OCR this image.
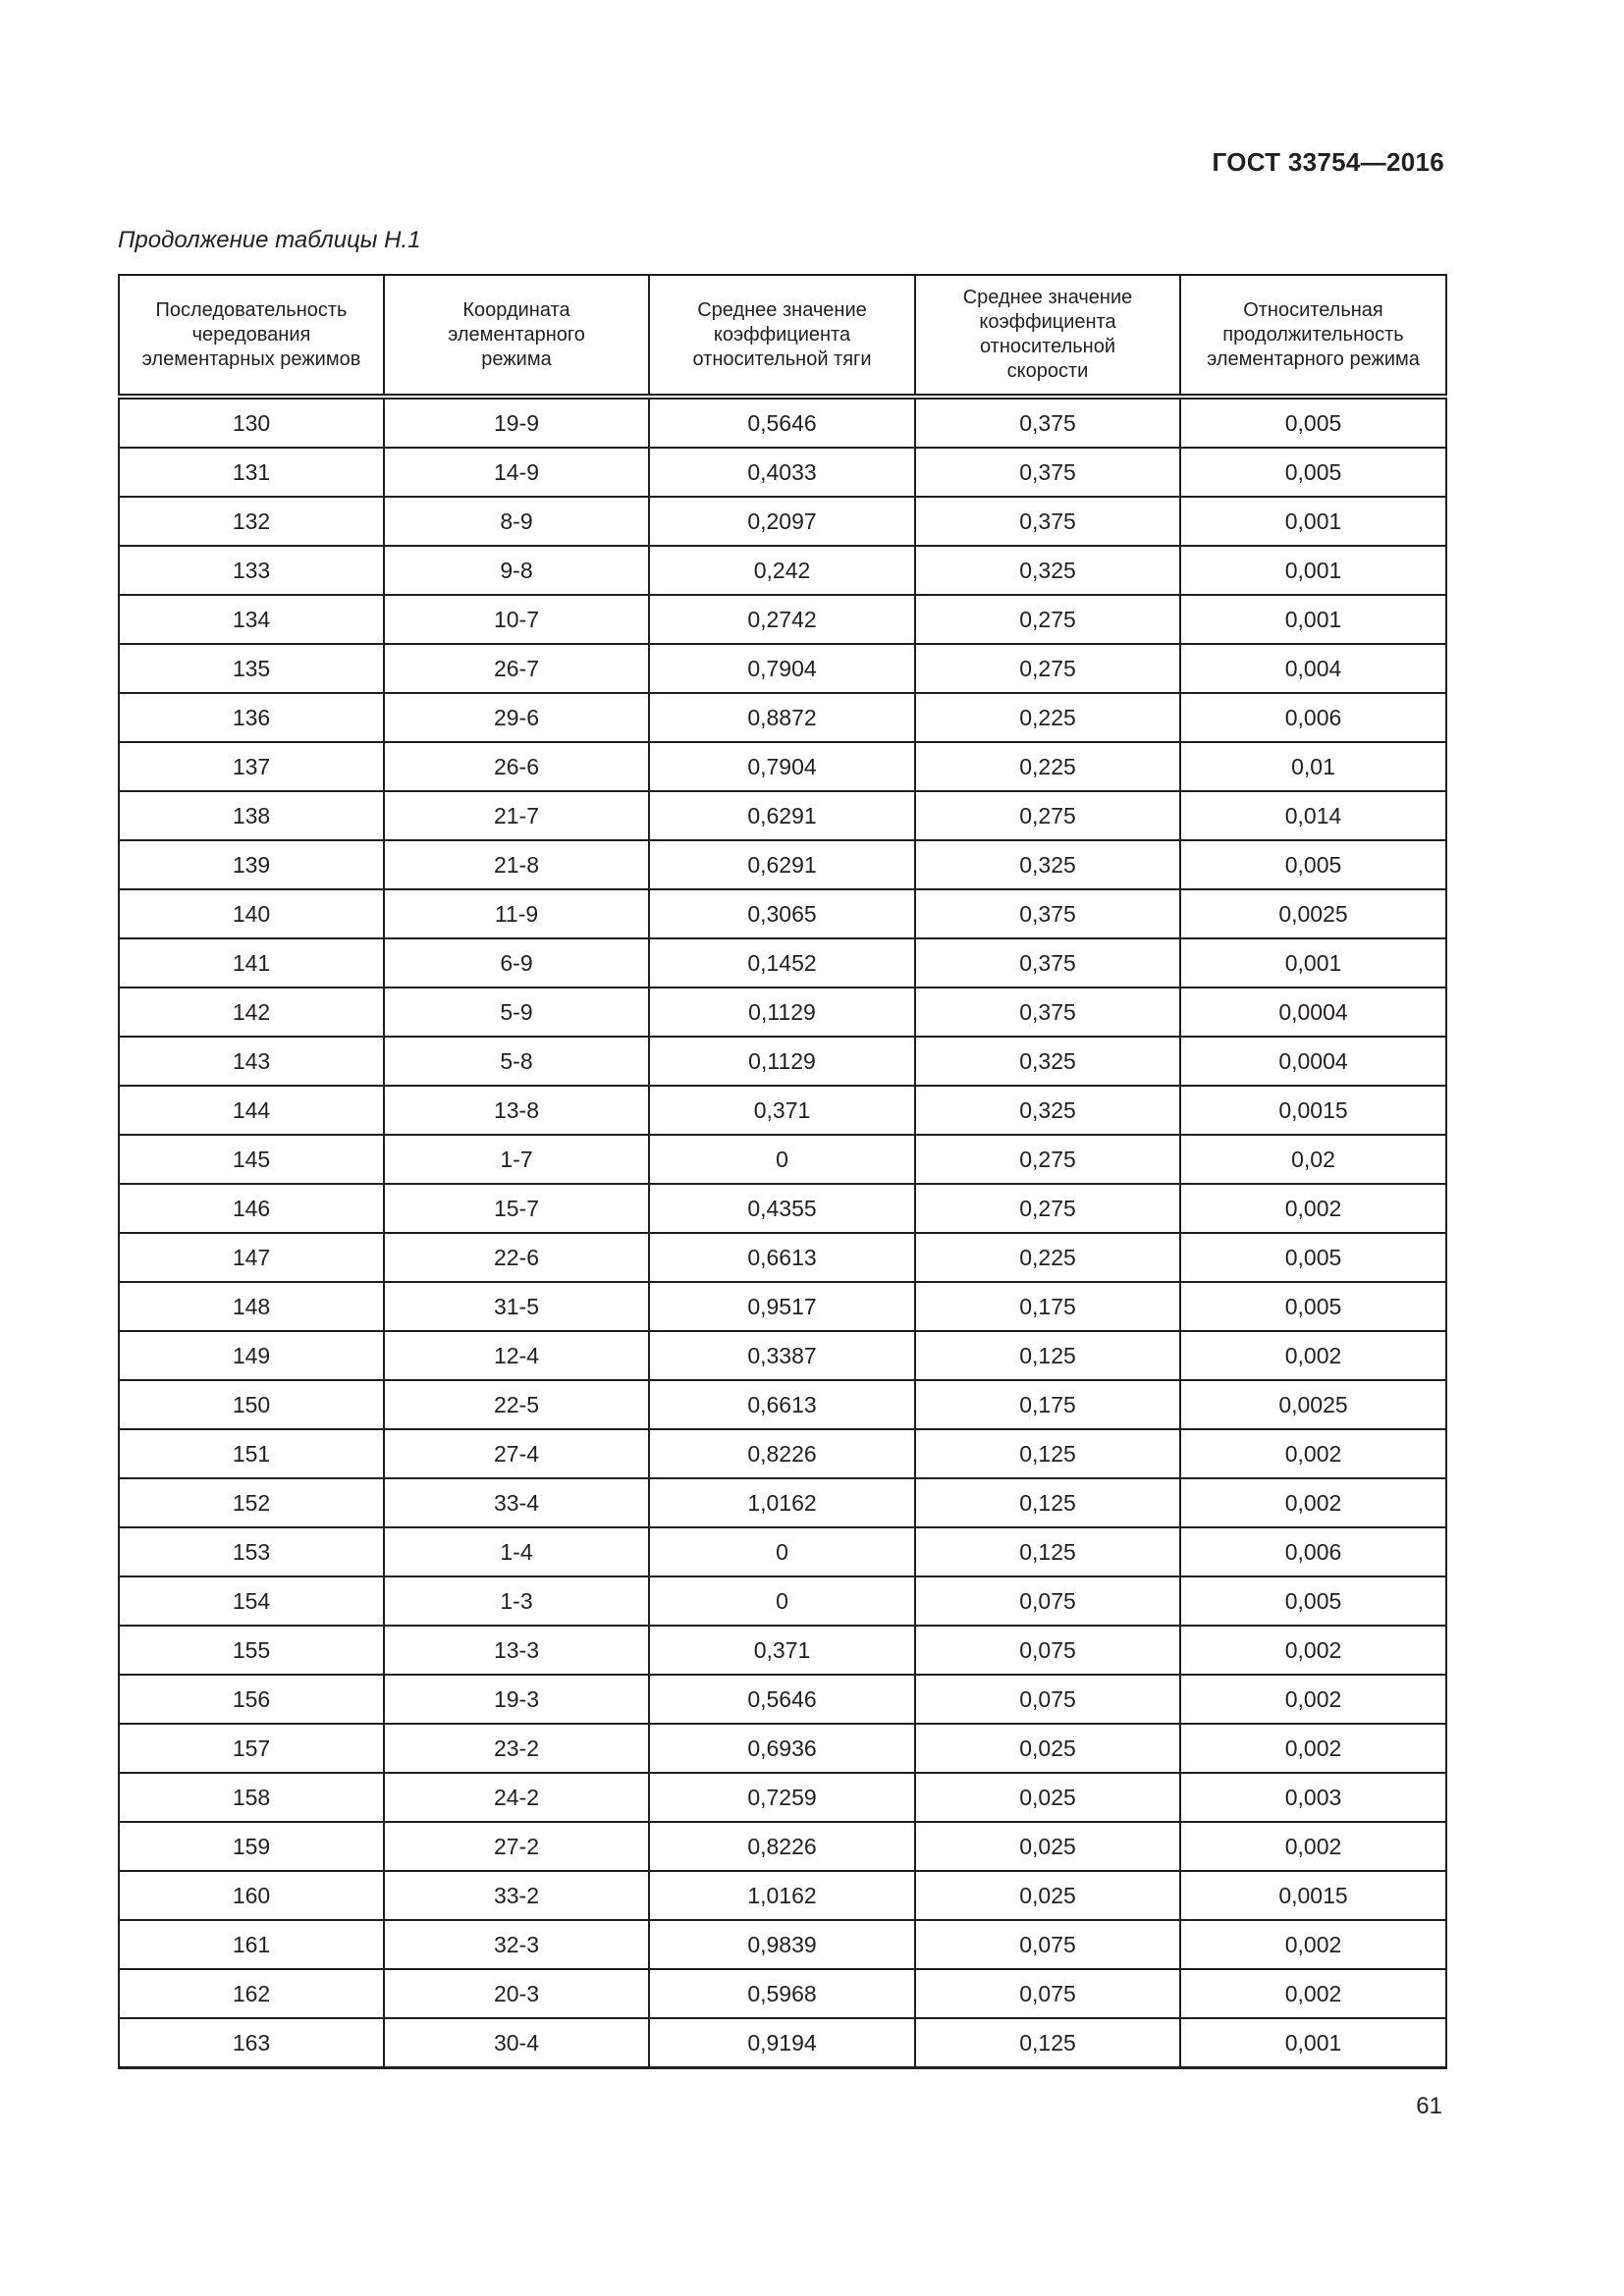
ГОСТ 33754—2016
Продолжение таблицы Н.1
Последовательность чередования элементарных режимов	Координата элементарного режима	Среднее значение коэффициента относительной тяги	Среднее значение коэффициента относительной скорости	Относительная продолжительность элементарного режима
130	19-9	0,5646	0,375	0,005
131	14-9	0,4033	0,375	0,005
132	8-9	0,2097	0,375	0,001
133	9-8	0,242	0,325	0,001
134	10-7	0,2742	0,275	0,001
135	26-7	0,7904	0,275	0,004
136	29-6	0,8872	0,225	0,006
137	26-6	0,7904	0,225	0,01
138	21-7	0,6291	0,275	0,014
139	21-8	0,6291	0,325	0,005
140	11-9	0,3065	0,375	0,0025
141	6-9	0,1452	0,375	0,001
142	5-9	0,1129	0,375	0,0004
143	5-8	0,1129	0,325	0,0004
144	13-8	0,371	0,325	0,0015
145	1-7	0	0,275	0,02
146	15-7	0,4355	0,275	0,002
147	22-6	0,6613	0,225	0,005
148	31-5	0,9517	0,175	0,005
149	12-4	0,3387	0,125	0,002
150	22-5	0,6613	0,175	0,0025
151	27-4	0,8226	0,125	0,002
152	33-4	1,0162	0,125	0,002
153	1-4	0	0,125	0,006
154	1-3	0	0,075	0,005
155	13-3	0,371	0,075	0,002
156	19-3	0,5646	0,075	0,002
157	23-2	0,6936	0,025	0,002
158	24-2	0,7259	0,025	0,003
159	27-2	0,8226	0,025	0,002
160	33-2	1,0162	0,025	0,0015
161	32-3	0,9839	0,075	0,002
162	20-3	0,5968	0,075	0,002
163	30-4	0,9194	0,125	0,001
61
